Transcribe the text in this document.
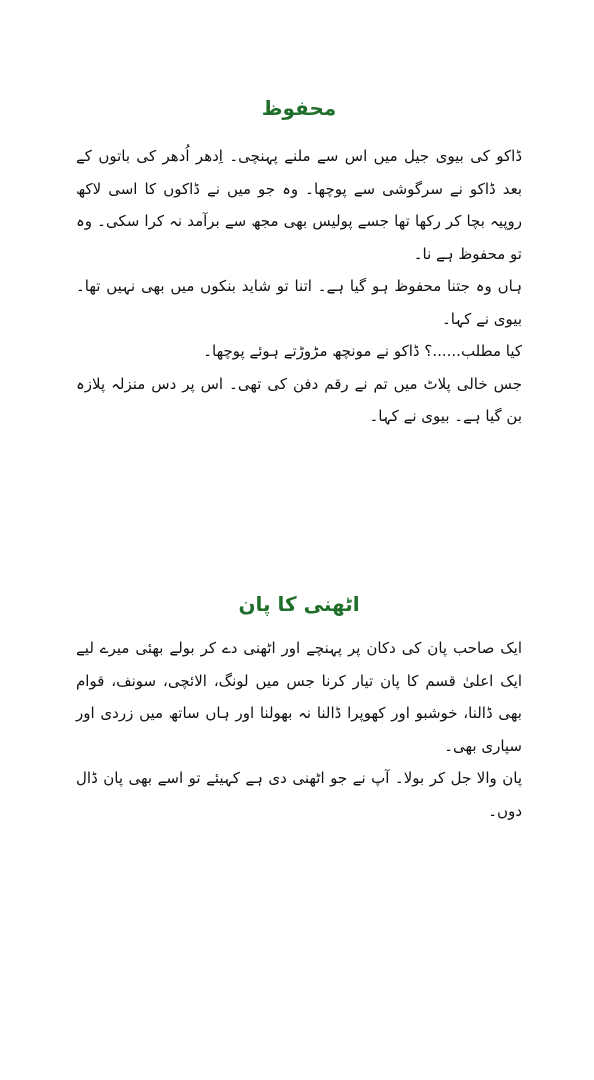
محفوظ

ڈاکو کی بیوی جیل میں اس سے ملنے پہنچی۔ اِدھر اُدھر کی باتوں کے بعد ڈاکو نے سرگوشی سے پوچھا۔ وہ جو میں نے ڈاکوں کا اسی لاکھ روپیہ بچا کر رکھا تھا جسے پولیس بھی مجھ سے برآمد نہ کرا سکی۔ وہ تو محفوظ ہے نا۔

ہاں وہ جتنا محفوظ ہو گیا ہے۔ اتنا تو شاید بنکوں میں بھی نہیں تھا۔ بیوی نے کہا۔

کیا مطلب......؟ ڈاکو نے مونچھ مڑوڑتے ہوئے پوچھا۔

جس خالی پلاٹ میں تم نے رقم دفن کی تھی۔ اس پر دس منزلہ پلازہ بن گیا ہے۔ بیوی نے کہا۔

اٹھنی کا پان

ایک صاحب پان کی دکان پر پہنچے اور اٹھنی دے کر بولے بھئی میرے لیے ایک اعلیٰ قسم کا پان تیار کرنا جس میں لونگ، الائچی، سونف، قوام بھی ڈالنا، خوشبو اور کھوپرا ڈالنا نہ بھولنا اور ہاں ساتھ میں زردی اور سپاری بھی۔

پان والا جل کر بولا۔ آپ نے جو اٹھنی دی ہے کہیئے تو اسے بھی پان ڈال دوں۔
